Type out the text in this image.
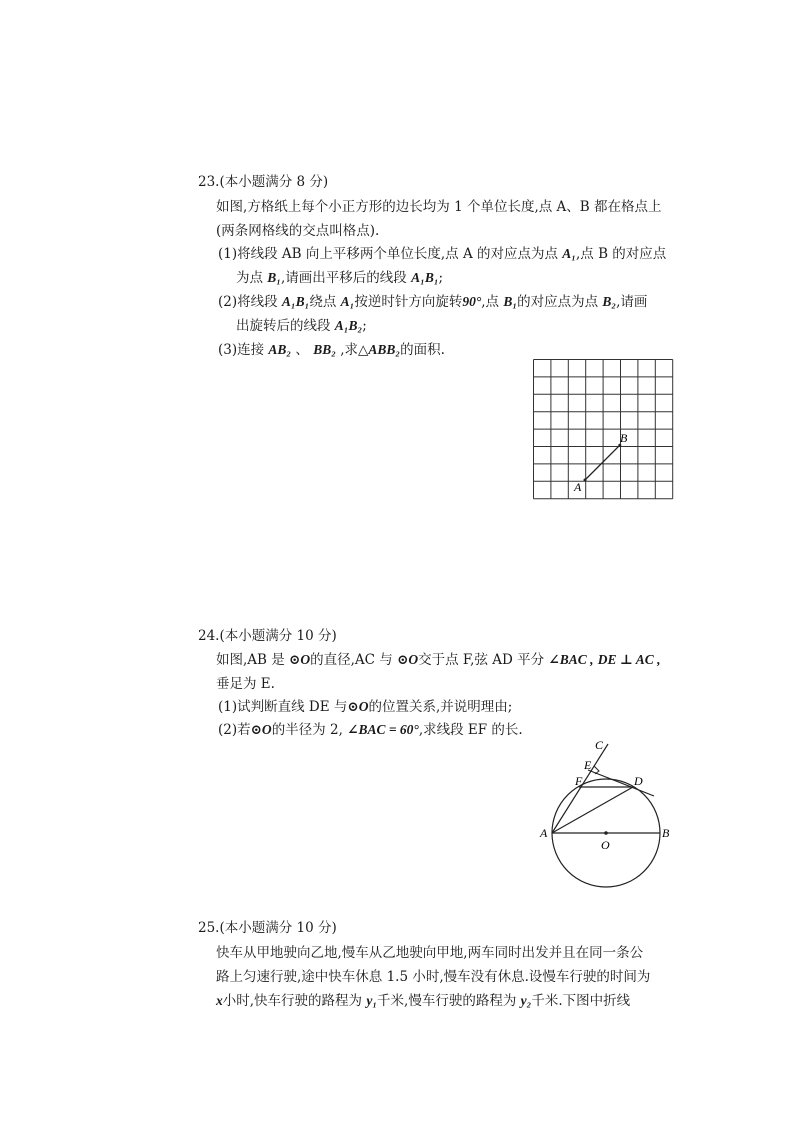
23.(本小题满分 8 分)
如图,方格纸上每个小正方形的边长均为 1 个单位长度,点 A、B 都在格点上
(两条网格线的交点叫格点).
(1)将线段 AB 向上平移两个单位长度,点 A 的对应点为点 A₁,点 B 的对应点
为点 B₁,请画出平移后的线段 A₁B₁;
(2)将线段 A₁B₁绕点 A₁按逆时针方向旋转90°,点 B₁的对应点为点 B₂,请画
出旋转后的线段 A₁B₂;
(3)连接 AB₂ 、 BB₂ ,求△ABB₂的面积.
A
B
24.(本小题满分 10 分)
如图,AB 是 ⊙O的直径,AC 与 ⊙O交于点 F,弦 AD 平分 ∠BAC , DE ⊥ AC ,
垂足为 E.
(1)试判断直线 DE 与⊙O的位置关系,并说明理由;
(2)若⊙O的半径为 2, ∠BAC = 60°,求线段 EF 的长.
C
E
F	D
A
O
B
25.(本小题满分 10 分)
快车从甲地驶向乙地,慢车从乙地驶向甲地,两车同时出发并且在同一条公
路上匀速行驶,途中快车休息 1.5 小时,慢车没有休息.设慢车行驶的时间为
x小时,快车行驶的路程为 y₁千米,慢车行驶的路程为 y₂千米.下图中折线
